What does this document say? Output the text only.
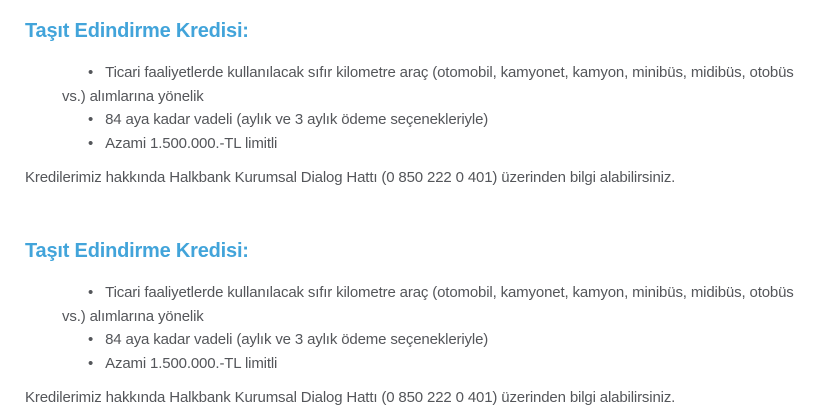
Taşıt Edindirme Kredisi:
• Ticari faaliyetlerde kullanılacak sıfır kilometre araç (otomobil, kamyonet, kamyon, minibüs, midibüs, otobüs vs.) alımlarına yönelik
• 84 aya kadar vadeli (aylık ve 3 aylık ödeme seçenekleriyle)
• Azami 1.500.000.-TL limitli

Kredilerimiz hakkında Halkbank Kurumsal Dialog Hattı (0 850 222 0 401) üzerinden bilgi alabilirsiniz.

Taşıt Edindirme Kredisi:
• Ticari faaliyetlerde kullanılacak sıfır kilometre araç (otomobil, kamyonet, kamyon, minibüs, midibüs, otobüs vs.) alımlarına yönelik
• 84 aya kadar vadeli (aylık ve 3 aylık ödeme seçenekleriyle)
• Azami 1.500.000.-TL limitli

Kredilerimiz hakkında Halkbank Kurumsal Dialog Hattı (0 850 222 0 401) üzerinden bilgi alabilirsiniz.
